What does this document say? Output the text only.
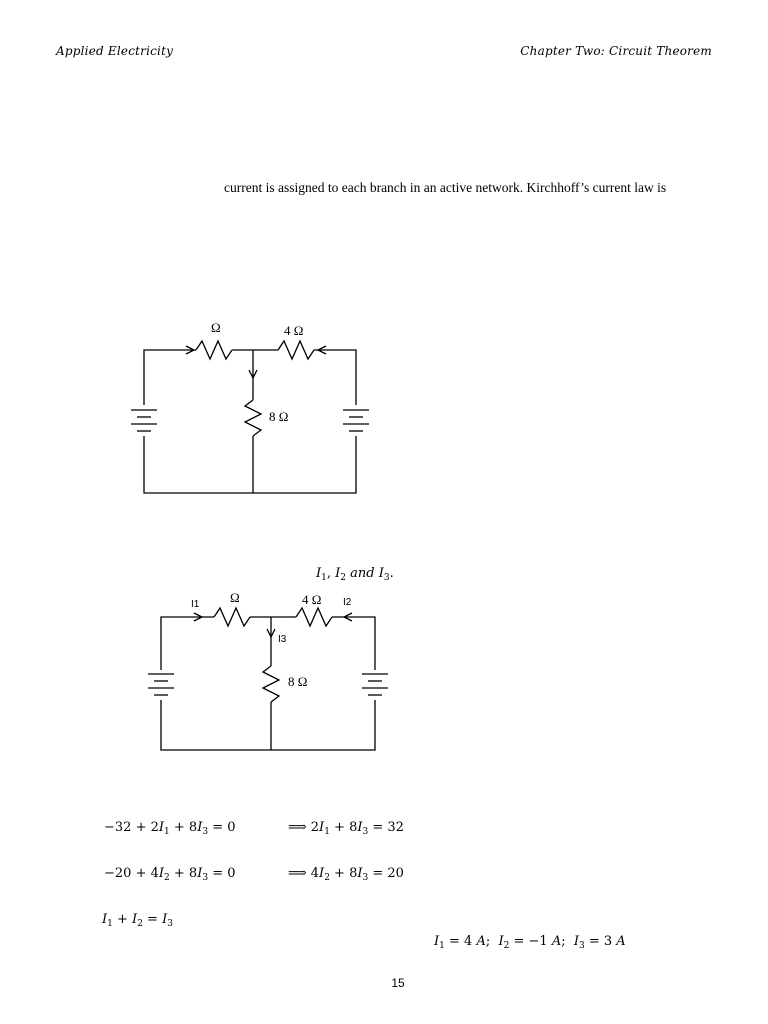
Applied Electricity	Chapter Two: Circuit Theorem
current is assigned to each branch in an active network. Kirchhoff’s current law is
Ω	4 Ω
8 Ω
$I_1$, $I_2$ and $I_3$.
Ω	4 Ω
8 Ω
I1	I2
I3
$-32 + 2I_1 + 8I_3 = 0$	⟹ $2I_1 + 8I_3 = 32$
$-20 + 4I_2 + 8I_3 = 0$	⟹ $4I_2 + 8I_3 = 20$
$I_1 + I_2 = I_3$
$I_1 = 4$ A;  $I_2 = -1$ A;  $I_3 = 3$ A
15
